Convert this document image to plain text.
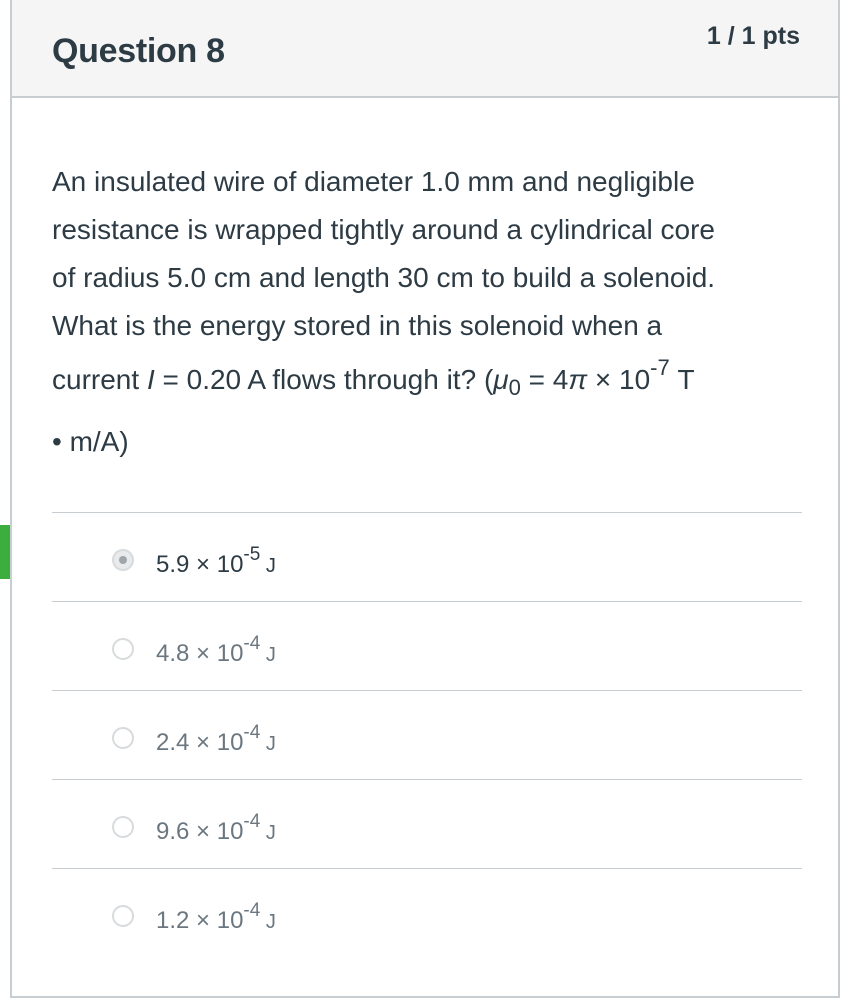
Question 8	1 / 1 pts
An insulated wire of diameter 1.0 mm and negligible
resistance is wrapped tightly around a cylindrical core
of radius 5.0 cm and length 30 cm to build a solenoid.
What is the energy stored in this solenoid when a
current I = 0.20 A flows through it? ($\mu_0 = 4\pi \times 10^{-7}$ T
• m/A)
$5.9 \times 10^{-5}$ J
$4.8 \times 10^{-4}$ J
$2.4 \times 10^{-4}$ J
$9.6 \times 10^{-4}$ J
$1.2 \times 10^{-4}$ J
